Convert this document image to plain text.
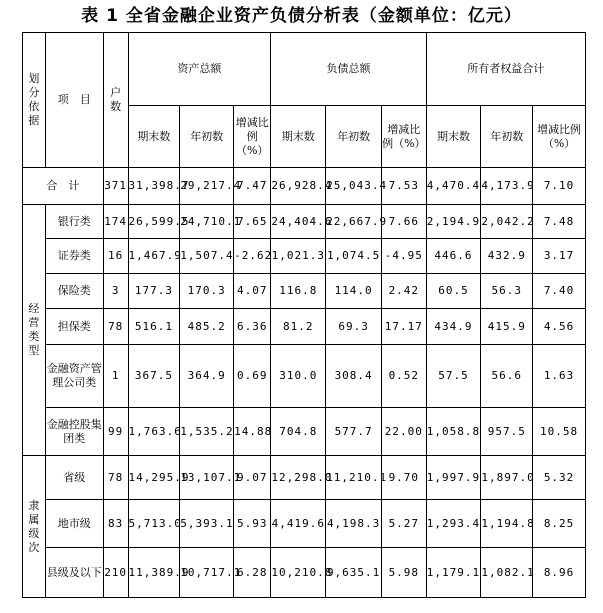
表 1 全省金融企业资产负债分析表（金额单位：亿元）
划
分
依
据	项　目	户
数	资产总额			负债总额			所有者权益合计		
			期末数	年初数	增减比例（%）	期末数	年初数	增减比例（%）	期末数	年初数	增减比例（%）
合　计		371	31,398.7	29,217.4	7.47	26,928.4	25,043.4	7.53	4,470.4	4,173.9	7.10

经
营
类
型	银行类	174	26,599.5	24,710.1	7.65	24,404.6	22,667.9	7.66	2,194.9	2,042.2	7.48
	证券类	16	1,467.9	1,507.4	-2.62	1,021.3	1,074.5	-4.95	446.6	432.9	3.17
	保险类	3	177.3	170.3	4.07	116.8	114.0	2.42	60.5	56.3	7.40
	担保类	78	516.1	485.2	6.36	81.2	69.3	17.17	434.9	415.9	4.56
	金融资产管理公司类	1	367.5	364.9	0.69	310.0	308.4	0.52	57.5	56.6	1.63
	金融控股集团类	99	1,763.6	1,535.2	14.88	704.8	577.7	22.00	1,058.8	957.5	10.58

隶
属
级
次	省级	78	14,295.9	13,107.1	9.07	12,298.0	11,210.1	9.70	1,997.9	1,897.0	5.32
	地市级	83	5,713.0	5,393.1	5.93	4,419.6	4,198.3	5.27	1,293.4	1,194.8	8.25
	县级及以下	210	11,389.9	10,717.1	6.28	10,210.8	9,635.1	5.98	1,179.1	1,082.1	8.96
